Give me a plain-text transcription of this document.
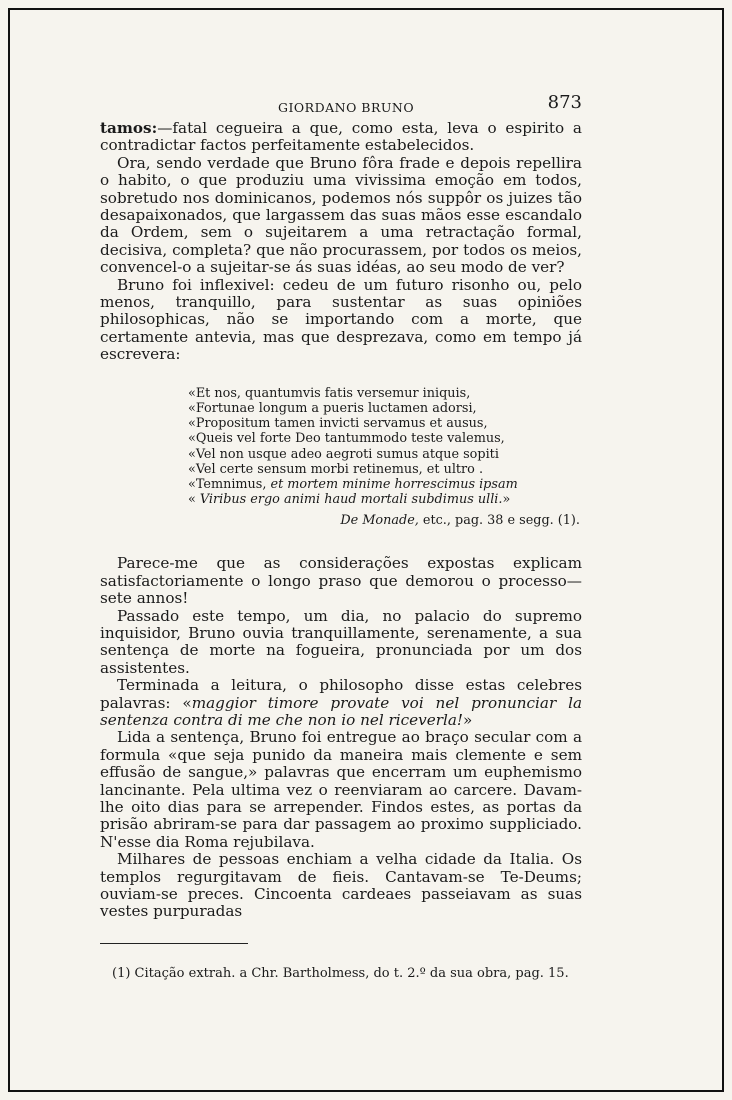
GIORDANO BRUNO	873

tamos:—fatal cegueira a que, como esta, leva o espirito a contradictar factos perfeitamente estabelecidos.

Ora, sendo verdade que Bruno fôra frade e depois repellira o habito, o que produziu uma vivissima emoção em todos, sobretudo nos dominicanos, podemos nós suppôr os juizes tão desapaixonados, que largassem das suas mãos esse escandalo da Ordem, sem o sujeitarem a uma retractação formal, decisiva, completa? que não procurassem, por todos os meios, convencel-o a sujeitar-se ás suas idéas, ao seu modo de ver?

Bruno foi inflexivel: cedeu de um futuro risonho ou, pelo menos, tranquillo, para sustentar as suas opiniões philosophicas, não se importando com a morte, que certamente antevia, mas que desprezava, como em tempo já escrevera:

«Et nos, quantumvis fatis versemur iniquis,
«Fortunae longum a pueris luctamen adorsi,
«Propositum tamen invicti servamus et ausus,
«Queis vel forte Deo tantummodo teste valemus,
«Vel non usque adeo aegroti sumus atque sopiti
«Vel certe sensum morbi retinemus, et ultro .
«Temnimus, et mortem minime horrescimus ipsam
« Viribus ergo animi haud mortali subdimus ulli.»
De Monade, etc., pag. 38 e segg. (1).

Parece-me que as considerações expostas explicam satisfactoriamente o longo praso que demorou o processo—sete annos!

Passado este tempo, um dia, no palacio do supremo inquisidor, Bruno ouvia tranquillamente, serenamente, a sua sentença de morte na fogueira, pronunciada por um dos assistentes.

Terminada a leitura, o philosopho disse estas celebres palavras: «maggior timore provate voi nel pronunciar la sentenza contra di me che non io nel riceverla!»

Lida a sentença, Bruno foi entregue ao braço secular com a formula «que seja punido da maneira mais clemente e sem effusão de sangue,» palavras que encerram um euphemismo lancinante. Pela ultima vez o reenviaram ao carcere. Davam-lhe oito dias para se arrepender. Findos estes, as portas da prisão abriram-se para dar passagem ao proximo suppliciado. N'esse dia Roma rejubilava.

Milhares de pessoas enchiam a velha cidade da Italia. Os templos regurgitavam de fieis. Cantavam-se Te-Deums; ouviam-se preces. Cincoenta cardeaes passeiavam as suas vestes purpuradas

(1) Citação extrah. a Chr. Bartholmess, do t. 2.º da sua obra, pag. 15.
